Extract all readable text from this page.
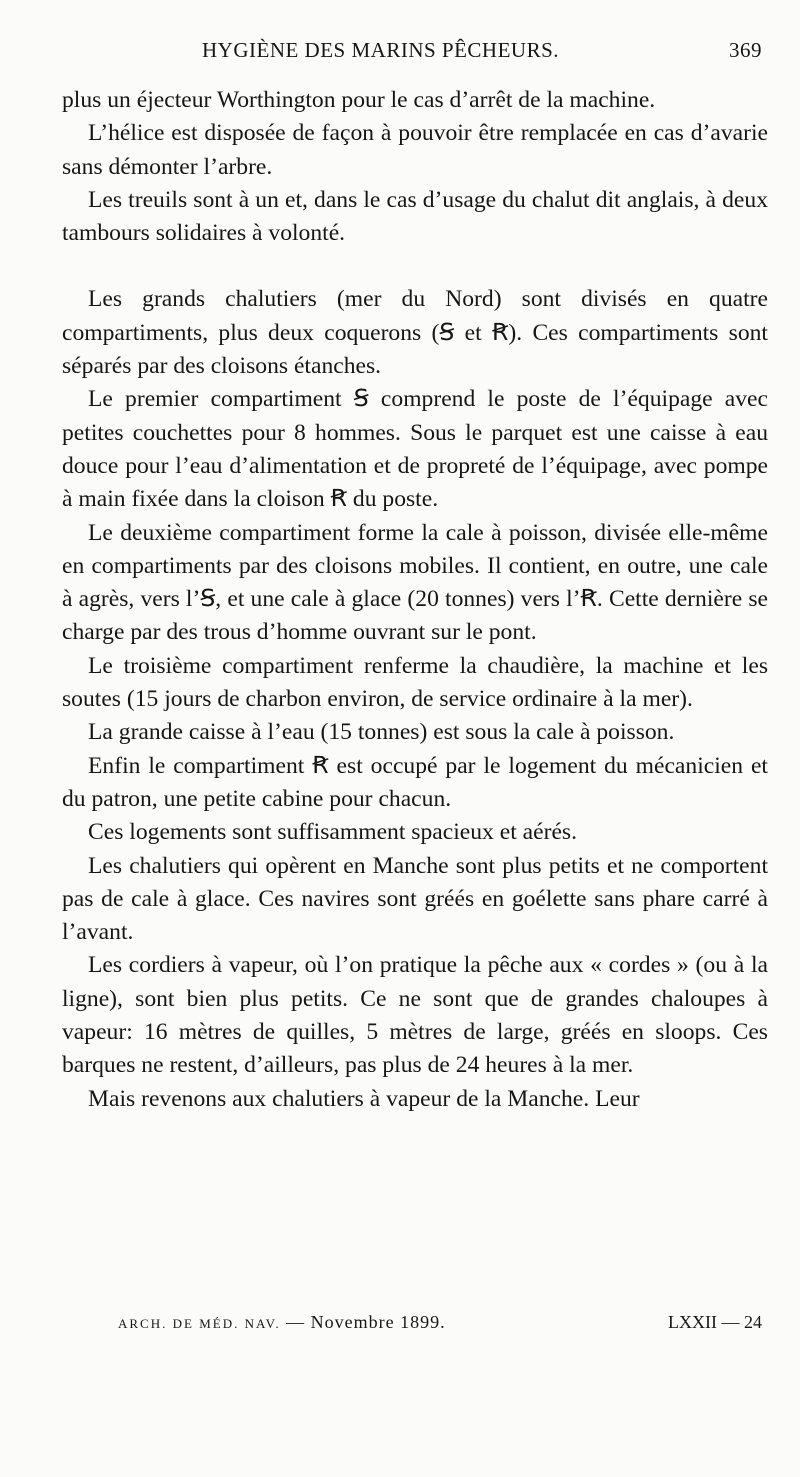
HYGIÈNE DES MARINS PÊCHEURS.	369

plus un éjecteur Worthington pour le cas d’arrêt de la machine.

L’hélice est disposée de façon à pouvoir être remplacée en cas d’avarie sans démonter l’arbre.

Les treuils sont à un et, dans le cas d’usage du chalut dit anglais, à deux tambours solidaires à volonté.

Les grands chalutiers (mer du Nord) sont divisés en quatre compartiments, plus deux coquerons (Ꞩ et Ꞧ). Ces compartiments sont séparés par des cloisons étanches.

Le premier compartiment Ꞩ comprend le poste de l’équipage avec petites couchettes pour 8 hommes. Sous le parquet est une caisse à eau douce pour l’eau d’alimentation et de propreté de l’équipage, avec pompe à main fixée dans la cloison Ꞧ du poste.

Le deuxième compartiment forme la cale à poisson, divisée elle-même en compartiments par des cloisons mobiles. Il contient, en outre, une cale à agrès, vers l’Ꞩ, et une cale à glace (20 tonnes) vers l’Ꞧ. Cette dernière se charge par des trous d’homme ouvrant sur le pont.

Le troisième compartiment renferme la chaudière, la machine et les soutes (15 jours de charbon environ, de service ordinaire à la mer).

La grande caisse à l’eau (15 tonnes) est sous la cale à poisson.

Enfin le compartiment Ꞧ est occupé par le logement du mécanicien et du patron, une petite cabine pour chacun.

Ces logements sont suffisamment spacieux et aérés.

Les chalutiers qui opèrent en Manche sont plus petits et ne comportent pas de cale à glace. Ces navires sont gréés en goélette sans phare carré à l’avant.

Les cordiers à vapeur, où l’on pratique la pêche aux « cordes » (ou à la ligne), sont bien plus petits. Ce ne sont que de grandes chaloupes à vapeur: 16 mètres de quilles, 5 mètres de large, gréés en sloops. Ces barques ne restent, d’ailleurs, pas plus de 24 heures à la mer.

Mais revenons aux chalutiers à vapeur de la Manche. Leur

ARCH. DE MÉD. NAV. — Novembre 1899.	LXXII — 24
